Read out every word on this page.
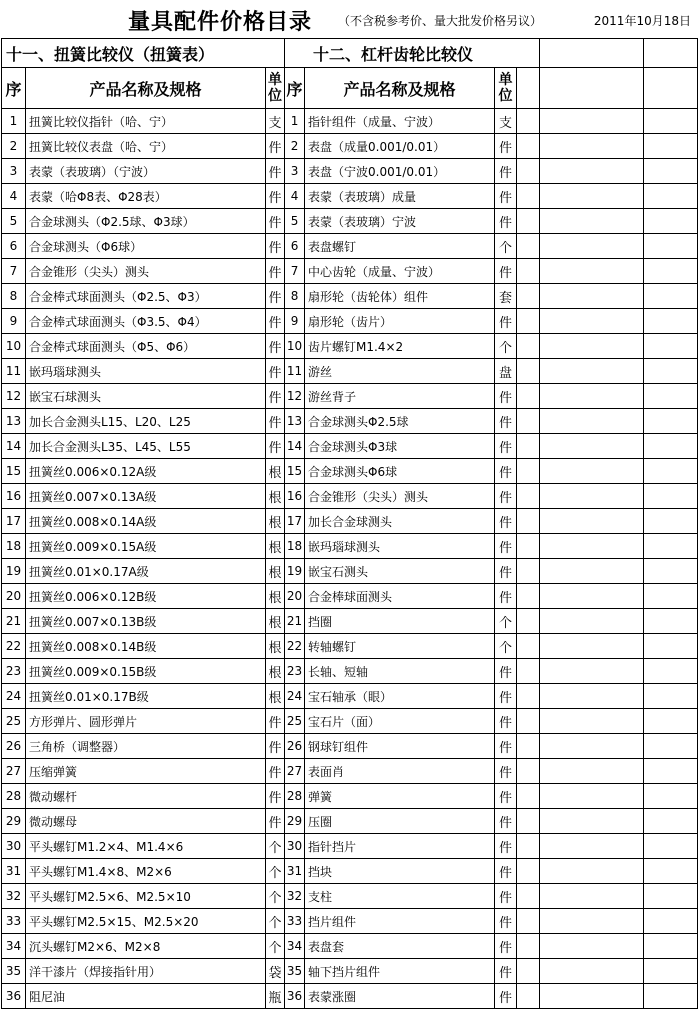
量具配件价格目录 （不含税参考价、量大批发价格另议）	2011年10月18日
十一、扭簧比较仪（扭簧表）			十二、杠杆齿轮比较仪					
序	产品名称及规格	单位	序	产品名称及规格	单位			
1	扭簧比较仪指针（哈、宁）	支	1	指针组件（成量、宁波）	支			
2	扭簧比较仪表盘（哈、宁）	件	2	表盘（成量0.001/0.01）	件			
3	表蒙（表玻璃）（宁波）	件	3	表盘（宁波0.001/0.01）	件			
4	表蒙（哈Φ8表、Φ28表）	件	4	表蒙（表玻璃）成量	件			
5	合金球测头（Φ2.5球、Φ3球）	件	5	表蒙（表玻璃）宁波	件			
6	合金球测头（Φ6球）	件	6	表盘螺钉	个			
7	合金锥形（尖头）测头	件	7	中心齿轮（成量、宁波）	件			
8	合金棒式球面测头（Φ2.5、Φ3）	件	8	扇形轮（齿轮体）组件	套			
9	合金棒式球面测头（Φ3.5、Φ4）	件	9	扇形轮（齿片）	件			
10	合金棒式球面测头（Φ5、Φ6）	件	10	齿片螺钉M1.4×2	个			
11	嵌玛瑙球测头	件	11	游丝	盘			
12	嵌宝石球测头	件	12	游丝背子	件			
13	加长合金测头L15、L20、L25	件	13	合金球测头Φ2.5球	件			
14	加长合金测头L35、L45、L55	件	14	合金球测头Φ3球	件			
15	扭簧丝0.006×0.12A级	根	15	合金球测头Φ6球	件			
16	扭簧丝0.007×0.13A级	根	16	合金锥形（尖头）测头	件			
17	扭簧丝0.008×0.14A级	根	17	加长合金球测头	件			
18	扭簧丝0.009×0.15A级	根	18	嵌玛瑙球测头	件			
19	扭簧丝0.01×0.17A级	根	19	嵌宝石测头	件			
20	扭簧丝0.006×0.12B级	根	20	合金棒球面测头	件			
21	扭簧丝0.007×0.13B级	根	21	挡圈	个			
22	扭簧丝0.008×0.14B级	根	22	转轴螺钉	个			
23	扭簧丝0.009×0.15B级	根	23	长轴、短轴	件			
24	扭簧丝0.01×0.17B级	根	24	宝石轴承（眼）	件			
25	方形弹片、圆形弹片	件	25	宝石片（面）	件			
26	三角桥（调整器）	件	26	钢球钉组件	件			
27	压缩弹簧	件	27	表面肖	件			
28	微动螺杆	件	28	弹簧	件			
29	微动螺母	件	29	压圈	件			
30	平头螺钉M1.2×4、M1.4×6	个	30	指针挡片	件			
31	平头螺钉M1.4×8、M2×6	个	31	挡块	件			
32	平头螺钉M2.5×6、M2.5×10	个	32	支柱	件			
33	平头螺钉M2.5×15、M2.5×20	个	33	挡片组件	件			
34	沉头螺钉M2×6、M2×8	个	34	表盘套	件			
35	洋干漆片（焊接指针用）	袋	35	轴下挡片组件	件			
36	阻尼油	瓶	36	表蒙涨圈	件			
